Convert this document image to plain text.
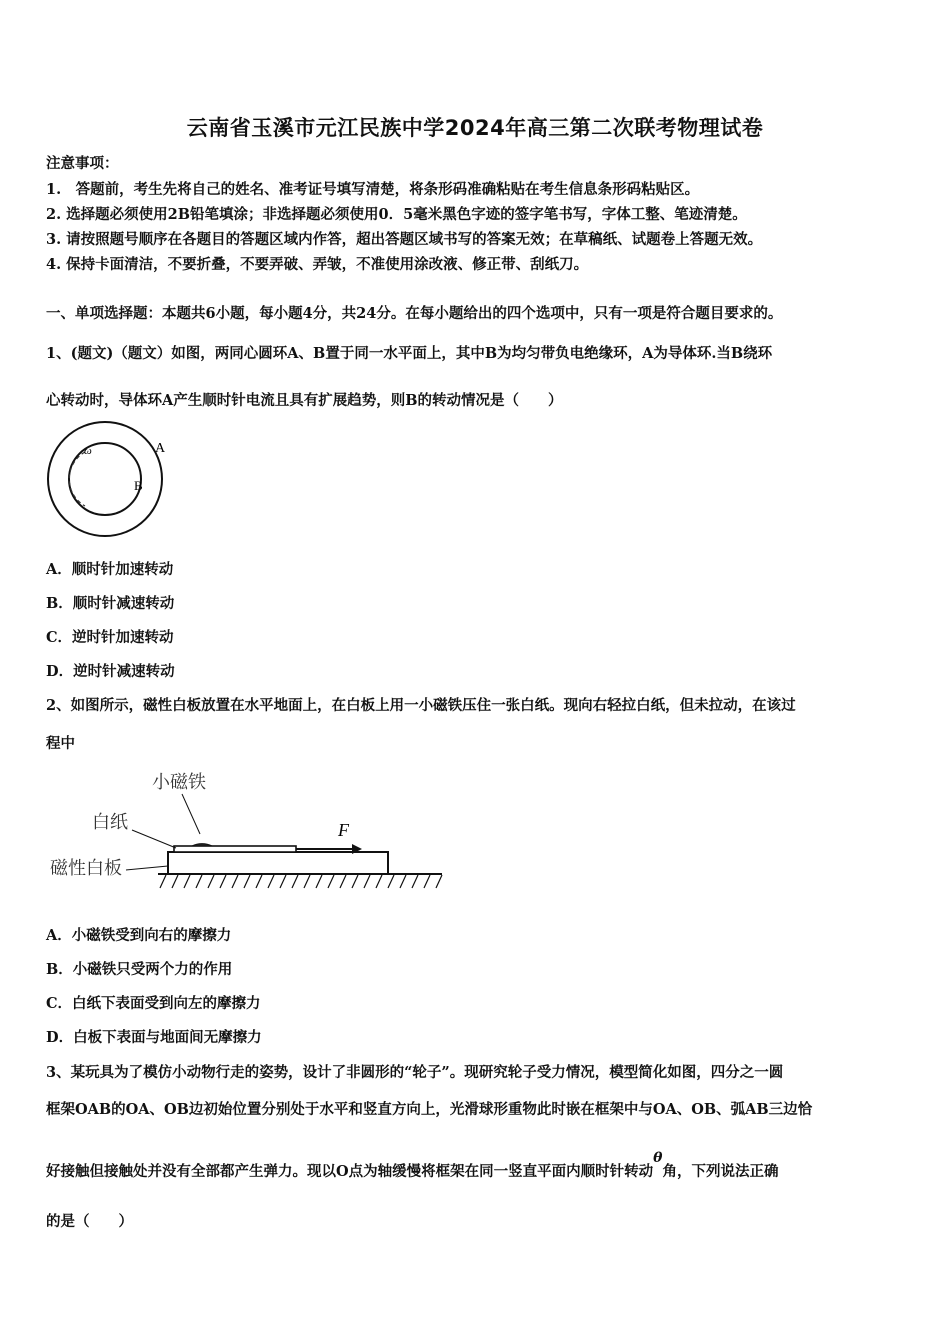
云南省玉溪市元江民族中学2024年高三第二次联考物理试卷
注意事项：
1.　答题前，考生先将自己的姓名、准考证号填写清楚，将条形码准确粘贴在考生信息条形码粘贴区。
2. 选择题必须使用2B铅笔填涂；非选择题必须使用0．5毫米黑色字迹的签字笔书写，字体工整、笔迹清楚。
3. 请按照题号顺序在各题目的答题区域内作答，超出答题区域书写的答案无效；在草稿纸、试题卷上答题无效。
4. 保持卡面清洁，不要折叠，不要弄破、弄皱，不准使用涂改液、修正带、刮纸刀。
一、单项选择题：本题共6小题，每小题4分，共24分。在每小题给出的四个选项中，只有一项是符合题目要求的。
1、(题文)（题文）如图，两同心圆环A、B置于同一水平面上，其中B为均匀带负电绝缘环，A为导体环.当B绕环
心转动时，导体环A产生顺时针电流且具有扩展趋势，则B的转动情况是（　　）
A
B
ω
A．顺时针加速转动
B．顺时针减速转动
C．逆时针加速转动
D．逆时针减速转动
2、如图所示，磁性白板放置在水平地面上，在白板上用一小磁铁压住一张白纸。现向右轻拉白纸，但未拉动，在该过
程中
F
小磁铁
白纸
磁性白板
A．小磁铁受到向右的摩擦力
B．小磁铁只受两个力的作用
C．白纸下表面受到向左的摩擦力
D．白板下表面与地面间无摩擦力
3、某玩具为了模仿小动物行走的姿势，设计了非圆形的“轮子”。现研究轮子受力情况，模型简化如图，四分之一圆
框架OAB的OA、OB边初始位置分别处于水平和竖直方向上，光滑球形重物此时嵌在框架中与OA、OB、弧AB三边恰
好接触但接触处并没有全部都产生弹力。现以O点为轴缓慢将框架在同一竖直平面内顺时针转动θ角，下列说法正确
的是（　　）
